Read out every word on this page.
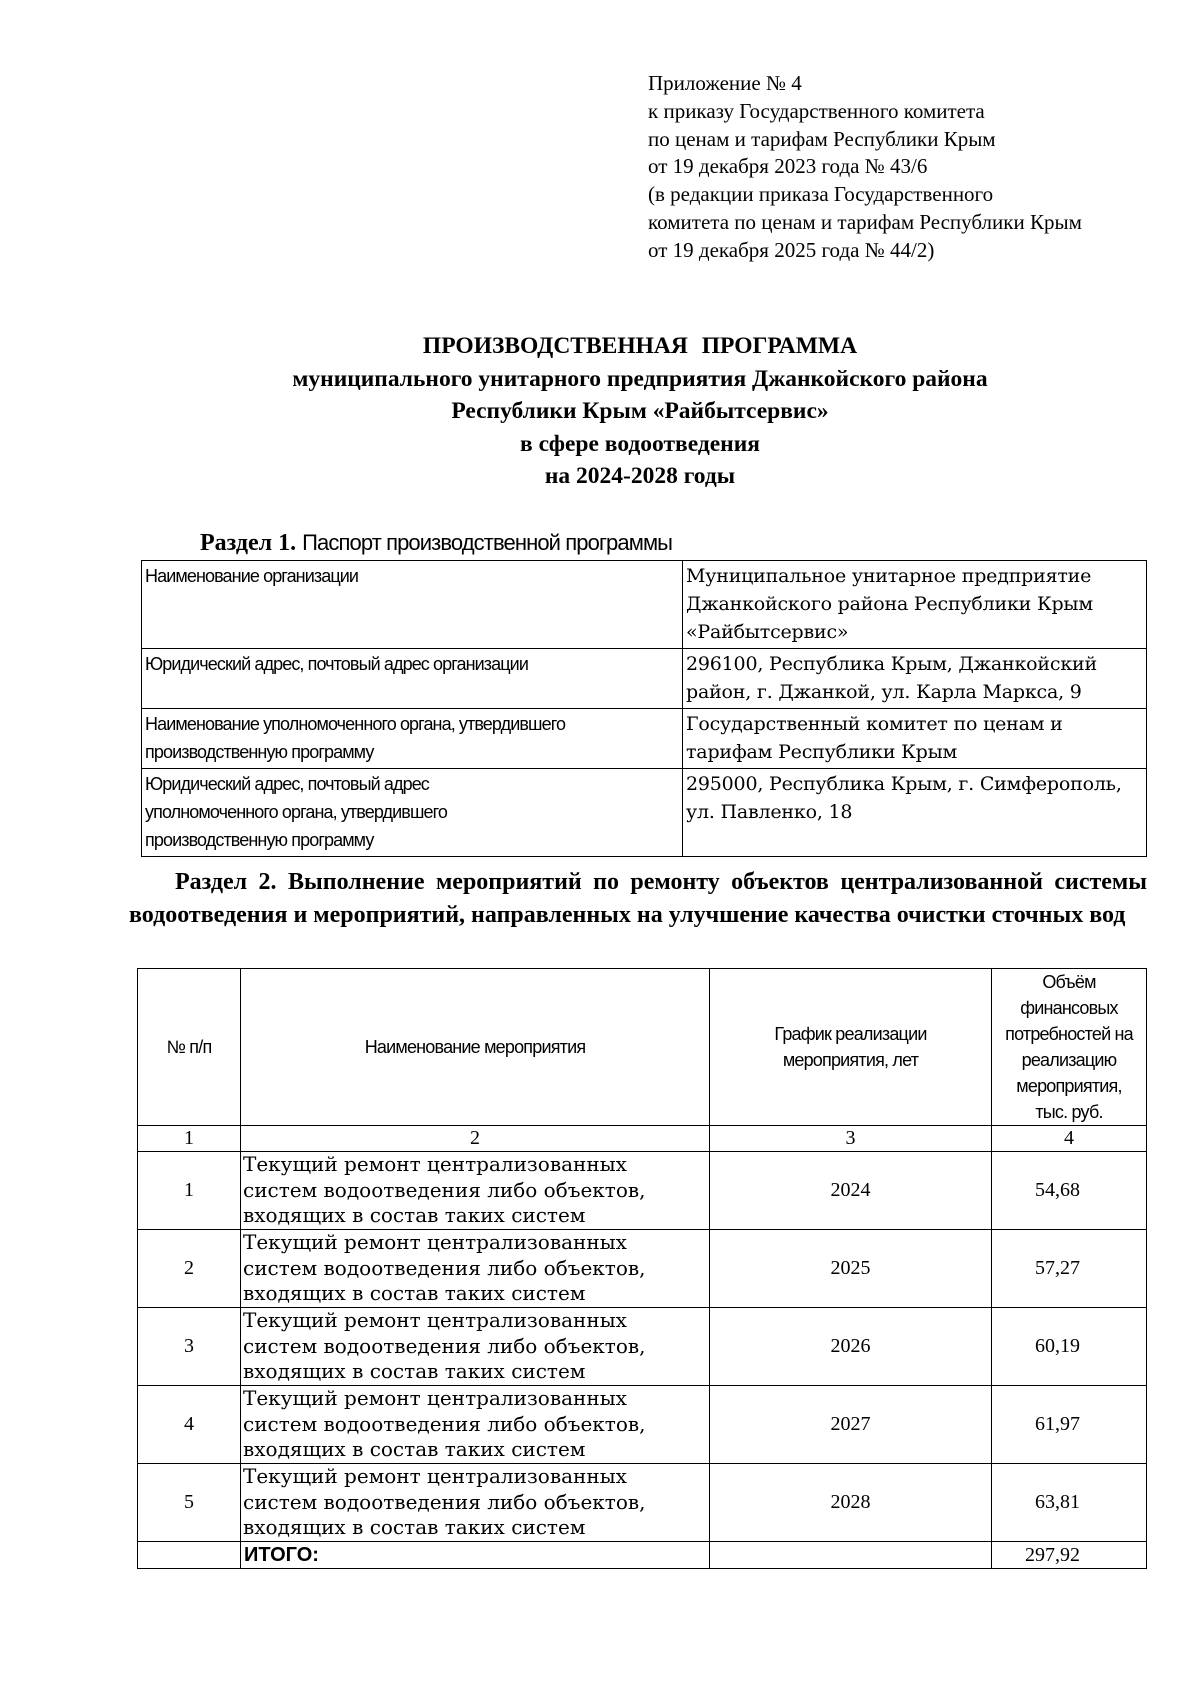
Приложение № 4
к приказу Государственного комитета
по ценам и тарифам Республики Крым
от 19 декабря 2023 года № 43/6
(в редакции приказа Государственного
комитета по ценам и тарифам Республики Крым
от 19 декабря 2025 года № 44/2)
ПРОИЗВОДСТВЕННАЯ ПРОГРАММА
муниципального унитарного предприятия Джанкойского района
Республики Крым «Райбытсервис»
в сфере водоотведения
на 2024-2028 годы
Раздел 1. Паспорт производственной программы
Наименование организации	Муниципальное унитарное предприятие Джанкойского района Республики Крым «Райбытсервис»
Юридический адрес, почтовый адрес организации	296100, Республика Крым, Джанкойский район, г. Джанкой, ул. Карла Маркса, 9
Наименование уполномоченного органа, утвердившего производственную программу	Государственный комитет по ценам и тарифам Республики Крым
Юридический адрес, почтовый адрес уполномоченного органа, утвердившего производственную программу	295000, Республика Крым, г. Симферополь, ул. Павленко, 18
Раздел 2. Выполнение мероприятий по ремонту объектов централизованной системы водоотведения и мероприятий, направленных на улучшение качества очистки сточных вод
№ п/п	Наименование мероприятия	График реализации мероприятия, лет	Объём финансовых потребностей на реализацию мероприятия, тыс. руб.
1	2	3	4
1	Текущий ремонт централизованных систем водоотведения либо объектов, входящих в состав таких систем	2024	54,68
2	Текущий ремонт централизованных систем водоотведения либо объектов, входящих в состав таких систем	2025	57,27
3	Текущий ремонт централизованных систем водоотведения либо объектов, входящих в состав таких систем	2026	60,19
4	Текущий ремонт централизованных систем водоотведения либо объектов, входящих в состав таких систем	2027	61,97
5	Текущий ремонт централизованных систем водоотведения либо объектов, входящих в состав таких систем	2028	63,81
	ИТОГО:		297,92
